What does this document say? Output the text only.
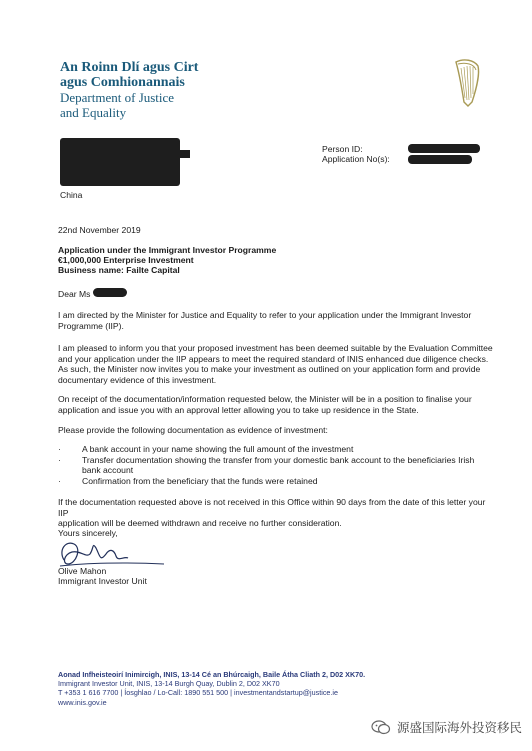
An Roinn Dlí agus Cirt
agus Comhionannais
Department of Justice
and Equality
China
Person ID:
Application No(s):
22nd November 2019
Application under the Immigrant Investor Programme
€1,000,000 Enterprise Investment
Business name: Failte Capital
Dear Ms
I am directed by the Minister for Justice and Equality to refer to your application under the Immigrant Investor
Programme (IIP).
I am pleased to inform you that your proposed investment has been deemed suitable by the Evaluation Committee
and your application under the IIP appears to meet the required standard of INIS enhanced due diligence checks.
As such, the Minister now invites you to make your investment as outlined on your application form and provide
documentary evidence of this investment.
On receipt of the documentation/information requested below, the Minister will be in a position to finalise your
application and issue you with an approval letter allowing you to take up residence in the State.
Please provide the following documentation as evidence of investment:
· A bank account in your name showing the full amount of the investment
· Transfer documentation showing the transfer from your domestic bank account to the beneficiaries Irish
bank account
· Confirmation from the beneficiary that the funds were retained
If the documentation requested above is not received in this Office within 90 days from the date of this letter your IIP
application will be deemed withdrawn and receive no further consideration.
Yours sincerely,
Olive Mahon
Immigrant Investor Unit
Aonad Infheisteoirí Inimircigh, INIS, 13-14 Cé an Bhúrcaigh, Baile Átha Cliath 2, D02 XK70.
Immigrant Investor Unit, INIS, 13-14 Burgh Quay, Dublin 2, D02 XK70
T +353 1 616 7700 | Íosghlao / Lo-Call: 1890 551 500 | investmentandstartup@justice.ie
www.inis.gov.ie
源盛国际海外投资移民
